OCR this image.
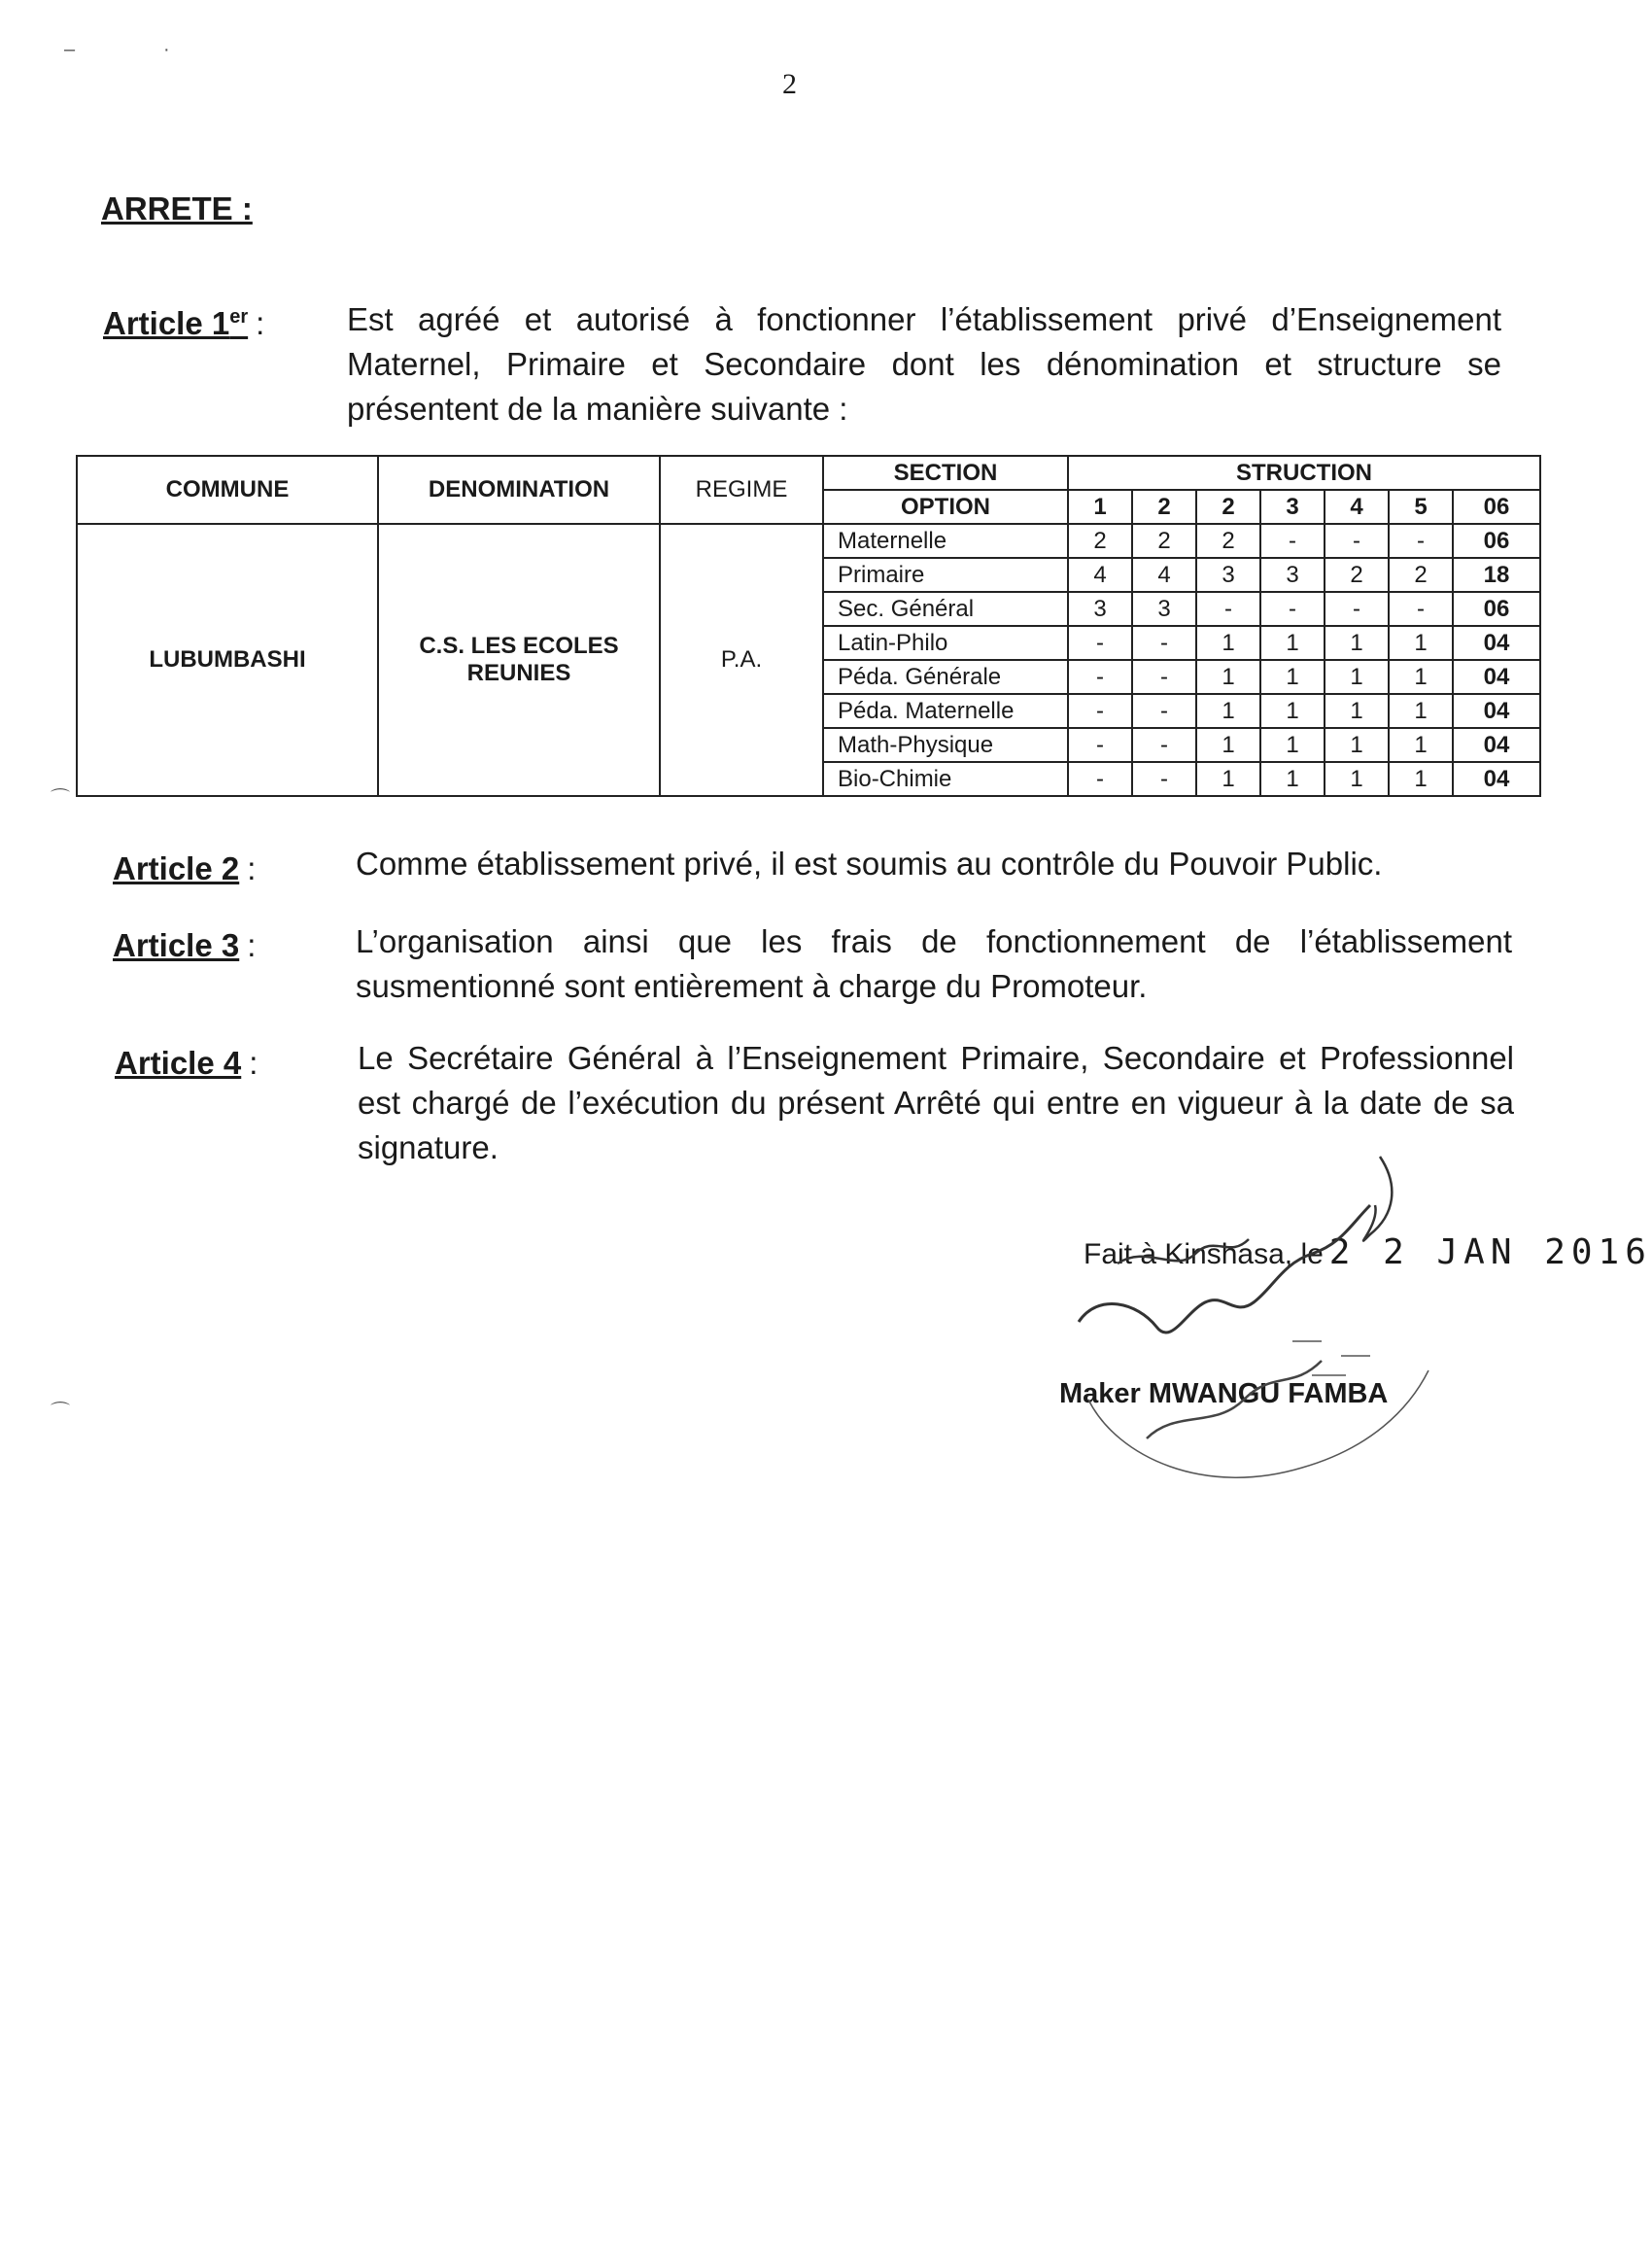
–	·
2
ARRETE :
Article 1er :	Est agréé et autorisé à fonctionner l’établissement privé d’Enseignement Maternel, Primaire et Secondaire dont les dénomination et structure se présentent de la manière suivante :
COMMUNE	DENOMINATION	REGIME	SECTION	STRUCTION						
			OPTION	1	2	2	3	4	5	06
LUBUMBASHI	C.S. LES ECOLES REUNIES	P.A.	Maternelle	2	2	2	-	-	-	06
			Primaire	4	4	3	3	2	2	18
			Sec. Général	3	3	-	-	-	-	06
			Latin-Philo	-	-	1	1	1	1	04
			Péda. Générale	-	-	1	1	1	1	04
			Péda. Maternelle	-	-	1	1	1	1	04
			Math-Physique	-	-	1	1	1	1	04
			Bio-Chimie	-	-	1	1	1	1	04
Article 2 :	Comme établissement privé, il est soumis au contrôle du Pouvoir Public.
Article 3 :	L’organisation ainsi que les frais de fonctionnement de l’établissement susmentionné sont entièrement à charge du Promoteur.
Article 4 :	Le Secrétaire Général à l’Enseignement Primaire, Secondaire et Professionnel est chargé de l’exécution du présent Arrêté qui entre en vigueur à la date de sa signature.
Fait à Kinshasa, le 2 2 JAN 2016
Maker MWANGU FAMBA
⌒
⌒
